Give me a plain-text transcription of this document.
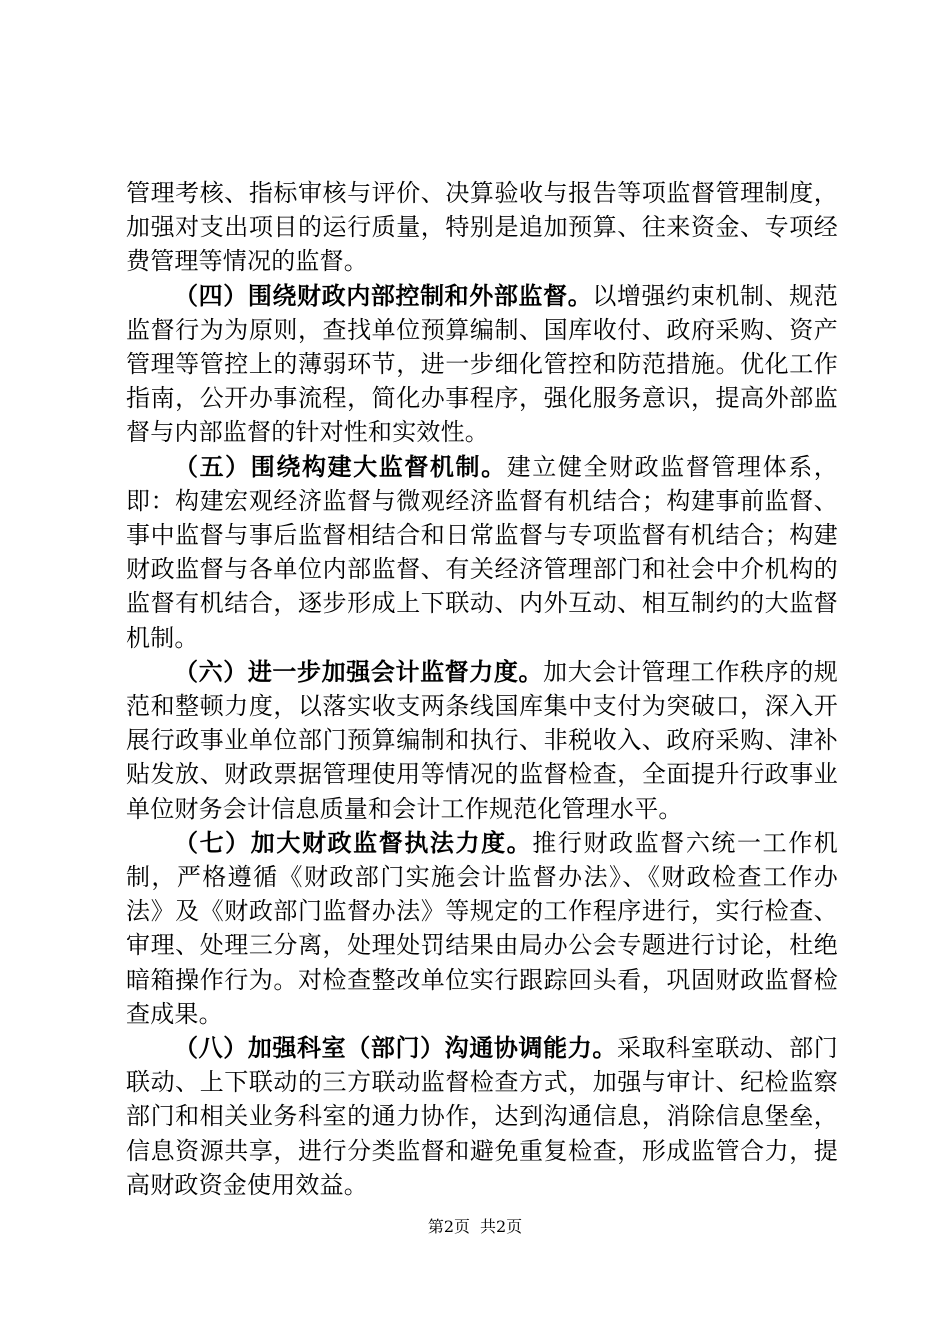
管理考核、指标审核与评价、决算验收与报告等项监督管理制度，加强对支出项目的运行质量，特别是追加预算、往来资金、专项经费管理等情况的监督。

（四）围绕财政内部控制和外部监督。以增强约束机制、规范监督行为为原则，查找单位预算编制、国库收付、政府采购、资产管理等管控上的薄弱环节，进一步细化管控和防范措施。优化工作指南，公开办事流程，简化办事程序，强化服务意识，提高外部监督与内部监督的针对性和实效性。

（五）围绕构建大监督机制。建立健全财政监督管理体系，即：构建宏观经济监督与微观经济监督有机结合；构建事前监督、事中监督与事后监督相结合和日常监督与专项监督有机结合；构建财政监督与各单位内部监督、有关经济管理部门和社会中介机构的监督有机结合，逐步形成上下联动、内外互动、相互制约的大监督机制。

（六）进一步加强会计监督力度。加大会计管理工作秩序的规范和整顿力度，以落实收支两条线国库集中支付为突破口，深入开展行政事业单位部门预算编制和执行、非税收入、政府采购、津补贴发放、财政票据管理使用等情况的监督检查，全面提升行政事业单位财务会计信息质量和会计工作规范化管理水平。

（七）加大财政监督执法力度。推行财政监督六统一工作机制，严格遵循《财政部门实施会计监督办法》、《财政检查工作办法》及《财政部门监督办法》等规定的工作程序进行，实行检查、审理、处理三分离，处理处罚结果由局办公会专题进行讨论，杜绝暗箱操作行为。对检查整改单位实行跟踪回头看，巩固财政监督检查成果。

（八）加强科室（部门）沟通协调能力。采取科室联动、部门联动、上下联动的三方联动监督检查方式，加强与审计、纪检监察部门和相关业务科室的通力协作，达到沟通信息，消除信息堡垒，信息资源共享，进行分类监督和避免重复检查，形成监管合力，提高财政资金使用效益。

第2页 共2页
